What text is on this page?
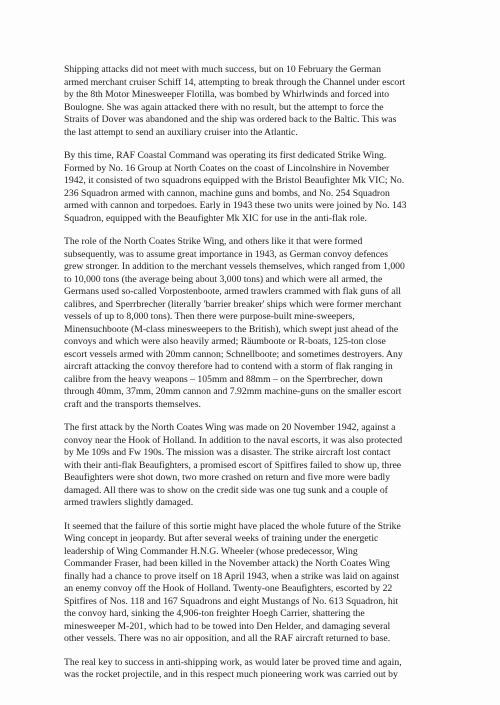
Shipping attacks did not meet with much success, but on 10 February the German
armed merchant cruiser Schiff 14, attempting to break through the Channel under escort
by the 8th Motor Minesweeper Flotilla, was bombed by Whirlwinds and forced into
Boulogne. She was again attacked there with no result, but the attempt to force the
Straits of Dover was abandoned and the ship was ordered back to the Baltic. This was
the last attempt to send an auxiliary cruiser into the Atlantic.

By this time, RAF Coastal Command was operating its first dedicated Strike Wing.
Formed by No. 16 Group at North Coates on the coast of Lincolnshire in November
1942, it consisted of two squadrons equipped with the Bristol Beaufighter Mk VIC; No.
236 Squadron armed with cannon, machine guns and bombs, and No. 254 Squadron
armed with cannon and torpedoes. Early in 1943 these two units were joined by No. 143
Squadron, equipped with the Beaufighter Mk XIC for use in the anti-flak role.

The role of the North Coates Strike Wing, and others like it that were formed
subsequently, was to assume great importance in 1943, as German convoy defences
grew stronger. In addition to the merchant vessels themselves, which ranged from 1,000
to 10,000 tons (the average being about 3,000 tons) and which were all armed, the
Germans used so-called Vorpostenboote, armed trawlers crammed with flak guns of all
calibres, and Sperrbrecher (literally 'barrier breaker' ships which were former merchant
vessels of up to 8,000 tons). Then there were purpose-built mine-sweepers,
Minensuchboote (M-class minesweepers to the British), which swept just ahead of the
convoys and which were also heavily armed; Räumboote or R-boats, 125-ton close
escort vessels armed with 20mm cannon; Schnellboote; and sometimes destroyers. Any
aircraft attacking the convoy therefore had to contend with a storm of flak ranging in
calibre from the heavy weapons – 105mm and 88mm – on the Sperrbrecher, down
through 40mm, 37mm, 20mm cannon and 7.92mm machine-guns on the smaller escort
craft and the transports themselves.

The first attack by the North Coates Wing was made on 20 November 1942, against a
convoy near the Hook of Holland. In addition to the naval escorts, it was also protected
by Me 109s and Fw 190s. The mission was a disaster. The strike aircraft lost contact
with their anti-flak Beaufighters, a promised escort of Spitfires failed to show up, three
Beaufighters were shot down, two more crashed on return and five more were badly
damaged. All there was to show on the credit side was one tug sunk and a couple of
armed trawlers slightly damaged.

It seemed that the failure of this sortie might have placed the whole future of the Strike
Wing concept in jeopardy. But after several weeks of training under the energetic
leadership of Wing Commander H.N.G. Wheeler (whose predecessor, Wing
Commander Fraser, had been killed in the November attack) the North Coates Wing
finally had a chance to prove itself on 18 April 1943, when a strike was laid on against
an enemy convoy off the Hook of Holland. Twenty-one Beaufighters, escorted by 22
Spitfires of Nos. 118 and 167 Squadrons and eight Mustangs of No. 613 Squadron, hit
the convoy hard, sinking the 4,906-ton freighter Hoegh Carrier, shattering the
minesweeper M-201, which had to be towed into Den Helder, and damaging several
other vessels. There was no air opposition, and all the RAF aircraft returned to base.

The real key to success in anti-shipping work, as would later be proved time and again,
was the rocket projectile, and in this respect much pioneering work was carried out by
